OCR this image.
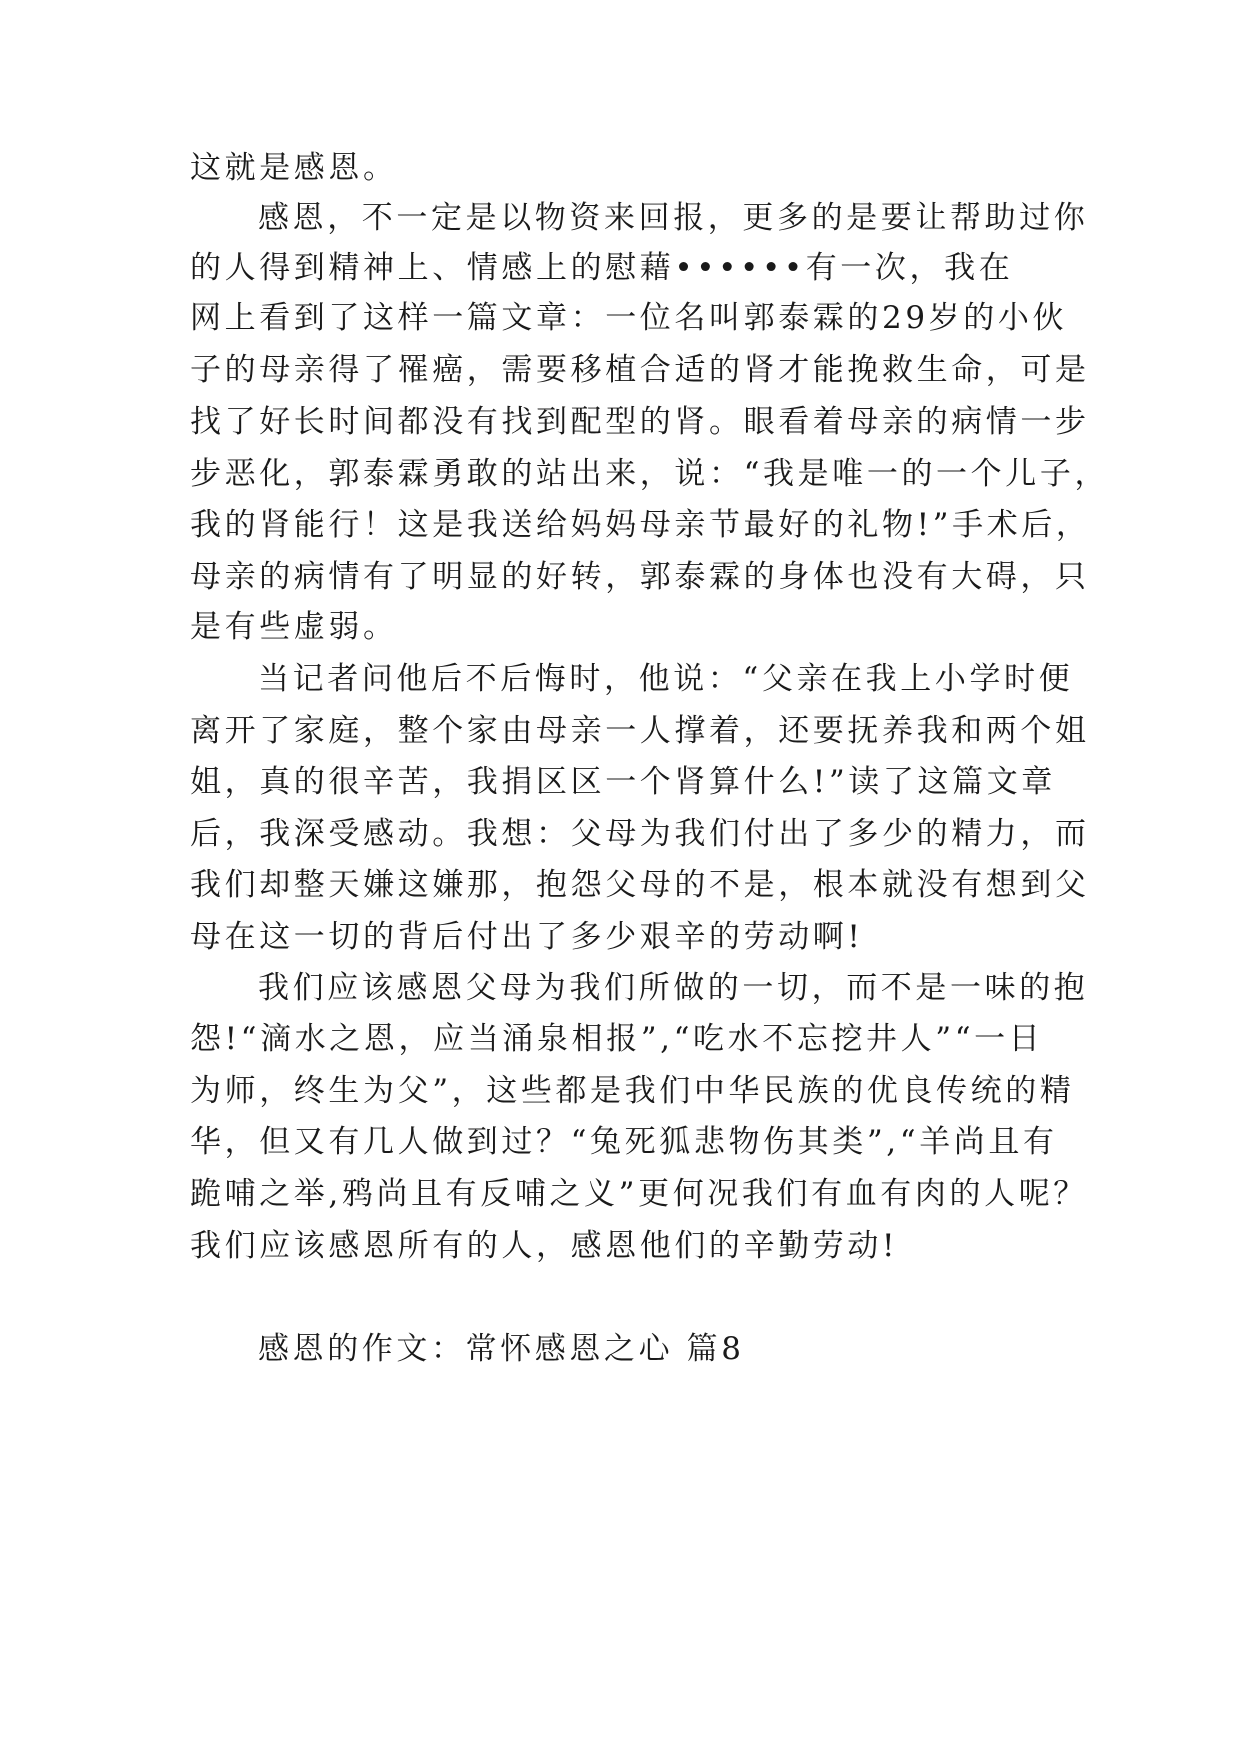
这就是感恩。
感恩，不一定是以物资来回报，更多的是要让帮助过你
的人得到精神上、情感上的慰藉••••••有一次，我在
网上看到了这样一篇文章：一位名叫郭泰霖的29岁的小伙
子的母亲得了罹癌，需要移植合适的肾才能挽救生命，可是
找了好长时间都没有找到配型的肾。眼看着母亲的病情一步
步恶化，郭泰霖勇敢的站出来，说：“我是唯一的一个儿子，
我的肾能行！这是我送给妈妈母亲节最好的礼物!”手术后，
母亲的病情有了明显的好转，郭泰霖的身体也没有大碍，只
是有些虚弱。
当记者问他后不后悔时，他说：“父亲在我上小学时便
离开了家庭，整个家由母亲一人撑着，还要抚养我和两个姐
姐，真的很辛苦，我捐区区一个肾算什么!”读了这篇文章
后，我深受感动。我想：父母为我们付出了多少的精力，而
我们却整天嫌这嫌那，抱怨父母的不是，根本就没有想到父
母在这一切的背后付出了多少艰辛的劳动啊!
我们应该感恩父母为我们所做的一切，而不是一味的抱
怨!“滴水之恩，应当涌泉相报”,“吃水不忘挖井人”“一日
为师，终生为父”，这些都是我们中华民族的优良传统的精
华，但又有几人做到过？“兔死狐悲物伤其类”,“羊尚且有
跪哺之举,鸦尚且有反哺之义”更何况我们有血有肉的人呢？
我们应该感恩所有的人，感恩他们的辛勤劳动!
感恩的作文：常怀感恩之心 篇8
